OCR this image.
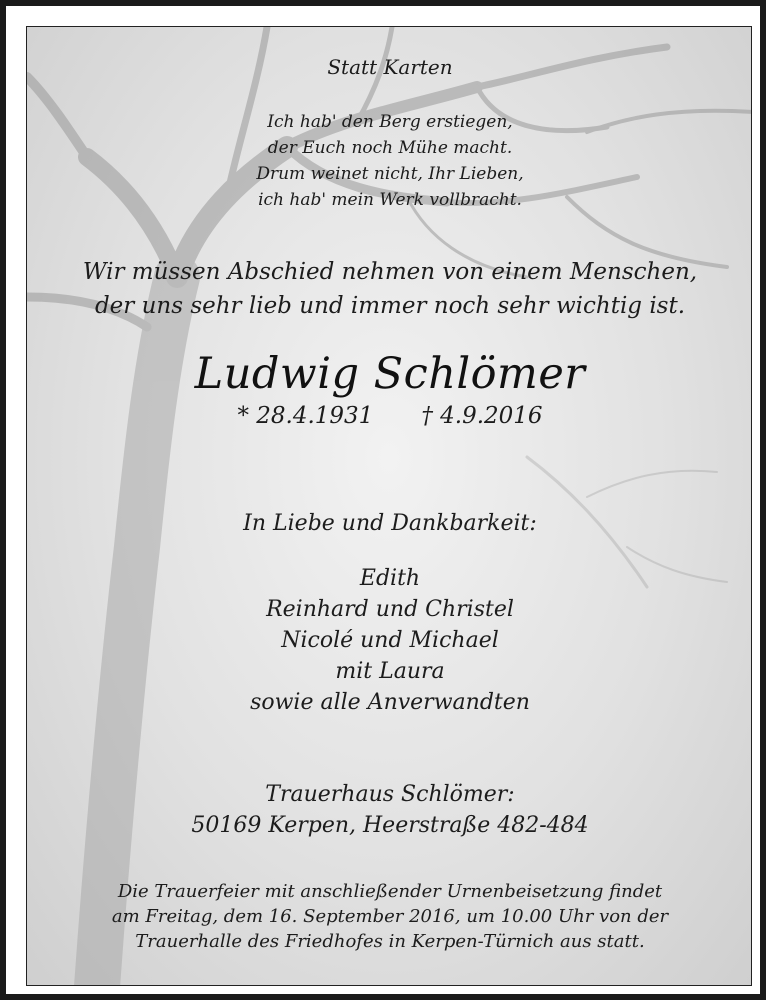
Statt Karten
Ich hab' den Berg erstiegen,
der Euch noch Mühe macht.
Drum weinet nicht, Ihr Lieben,
ich hab' mein Werk vollbracht.
Wir müssen Abschied nehmen von einem Menschen,
der uns sehr lieb und immer noch sehr wichtig ist.
Ludwig Schlömer
* 28.4.1931 † 4.9.2016
In Liebe und Dankbarkeit:
Edith
Reinhard und Christel
Nicolé und Michael
mit Laura
sowie alle Anverwandten
Trauerhaus Schlömer:
50169 Kerpen, Heerstraße 482-484
Die Trauerfeier mit anschließender Urnenbeisetzung findet
am Freitag, dem 16. September 2016, um 10.00 Uhr von der
Trauerhalle des Friedhofes in Kerpen-Türnich aus statt.
